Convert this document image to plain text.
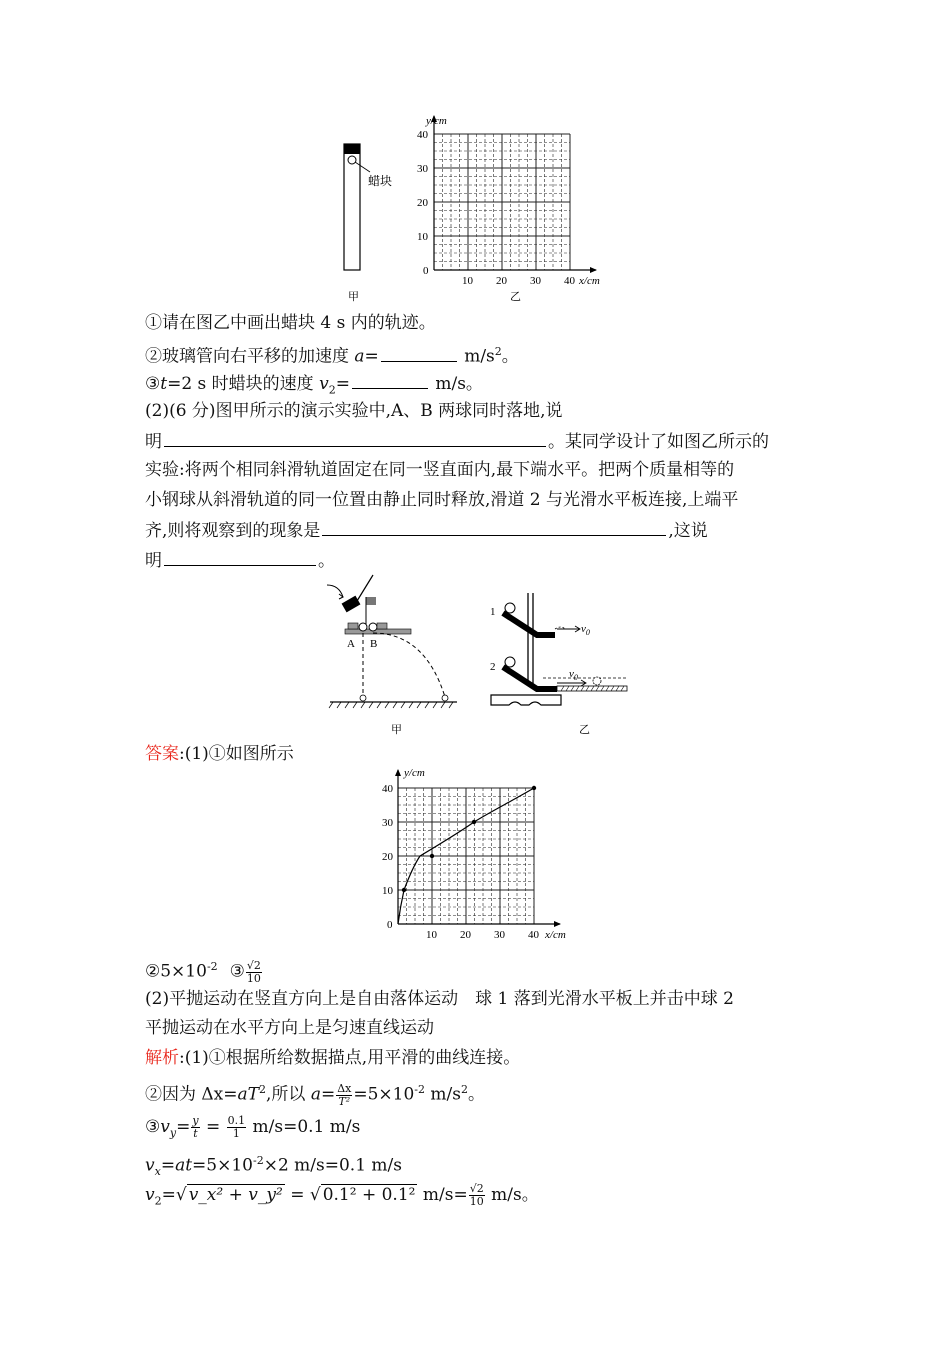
蜡块
甲
y/cm
x/cm
40
30
20
10
0
10 20 30 40
乙
①请在图乙中画出蜡块 4 s 内的轨迹。
②玻璃管向右平移的加速度 a=	$m/s^2$。
③t=2 s 时蜡块的速度 $v_2=$	m/s。
(2)(6 分)图甲所示的演示实验中,A、B 两球同时落地,说
明	。某同学设计了如图乙所示的
实验:将两个相同斜滑轨道固定在同一竖直面内,最下端水平。把两个质量相等的
小钢球从斜滑轨道的同一位置由静止同时释放,滑道 2 与光滑水平板连接,上端平
齐,则将观察到的现象是	,这说
明	。
A B
甲
1
2
$v_0$
$v_0$
乙
答案:(1)①如图所示
y/cm
x/cm
40
30
20
10
0
10 20 30 40
$②5\times 10^{-2}$ ③ $\frac{√2}{10}$
(2)平抛运动在竖直方向上是自由落体运动　球 1 落到光滑水平板上并击中球 2
平抛运动在水平方向上是匀速直线运动
解析:(1)①根据所给数据描点,用平滑的曲线连接。
②因为 $\Delta x=aT^2$,所以 $a= \frac{\Delta x}{\text{T²}} =5\times 10^{-2}$ $m/s^2$。
$③v_y= \frac{y}{t} = \frac{0.1}{1} m/s=0.1$ m/s
$v_x=at=5\times 10^{-2}\times 2$ m/s=0.1 m/s
$v_2=√$ v_x² + v_y² = √ 0.1² + 0.1² $m/s= \frac{√2}{10} m/s$。
